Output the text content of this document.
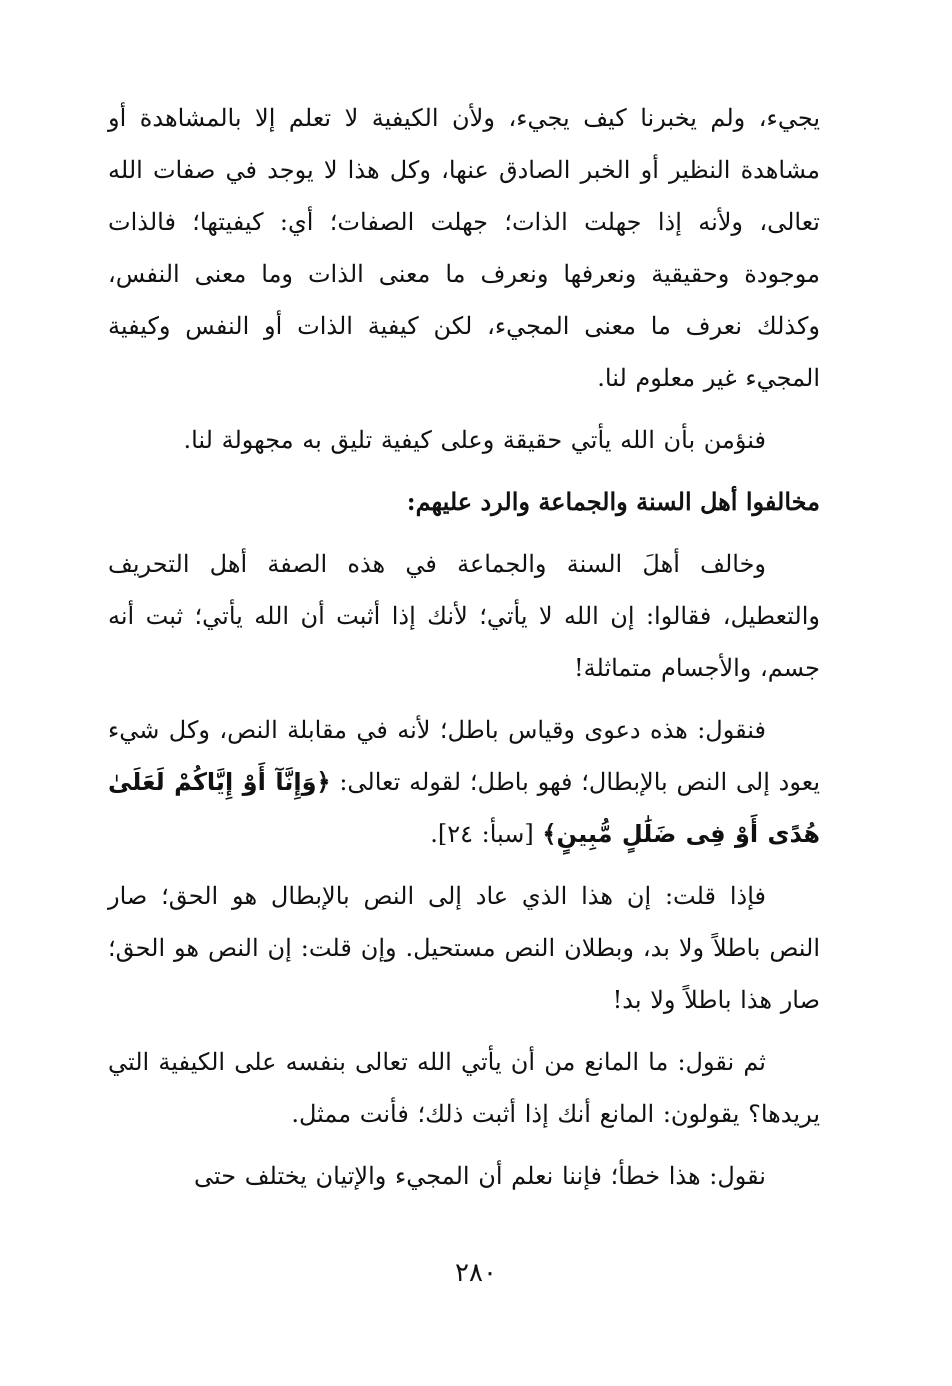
يجيء، ولم يخبرنا كيف يجيء، ولأن الكيفية لا تعلم إلا بالمشاهدة أو مشاهدة النظير أو الخبر الصادق عنها، وكل هذا لا يوجد في صفات الله تعالى، ولأنه إذا جهلت الذات؛ جهلت الصفات؛ أي: كيفيتها؛ فالذات موجودة وحقيقية ونعرفها ونعرف ما معنى الذات وما معنى النفس، وكذلك نعرف ما معنى المجيء، لكن كيفية الذات أو النفس وكيفية المجيء غير معلوم لنا.

فنؤمن بأن الله يأتي حقيقة وعلى كيفية تليق به مجهولة لنا.

مخالفوا أهل السنة والجماعة والرد عليهم:

وخالف أهلَ السنة والجماعة في هذه الصفة أهل التحريف والتعطيل، فقالوا: إن الله لا يأتي؛ لأنك إذا أثبت أن الله يأتي؛ ثبت أنه جسم، والأجسام متماثلة!

فنقول: هذه دعوى وقياس باطل؛ لأنه في مقابلة النص، وكل شيء يعود إلى النص بالإبطال؛ فهو باطل؛ لقوله تعالى: ﴿وَإِنَّآ أَوْ إِيَّاكُمْ لَعَلَىٰ هُدًى أَوْ فِى ضَلَٰلٍ مُّبِينٍ﴾ [سبأ: ٢٤].

فإذا قلت: إن هذا الذي عاد إلى النص بالإبطال هو الحق؛ صار النص باطلاً ولا بد، وبطلان النص مستحيل. وإن قلت: إن النص هو الحق؛ صار هذا باطلاً ولا بد!

ثم نقول: ما المانع من أن يأتي الله تعالى بنفسه على الكيفية التي يريدها؟ يقولون: المانع أنك إذا أثبت ذلك؛ فأنت ممثل.

نقول: هذا خطأ؛ فإننا نعلم أن المجيء والإتيان يختلف حتى

٢٨٠
